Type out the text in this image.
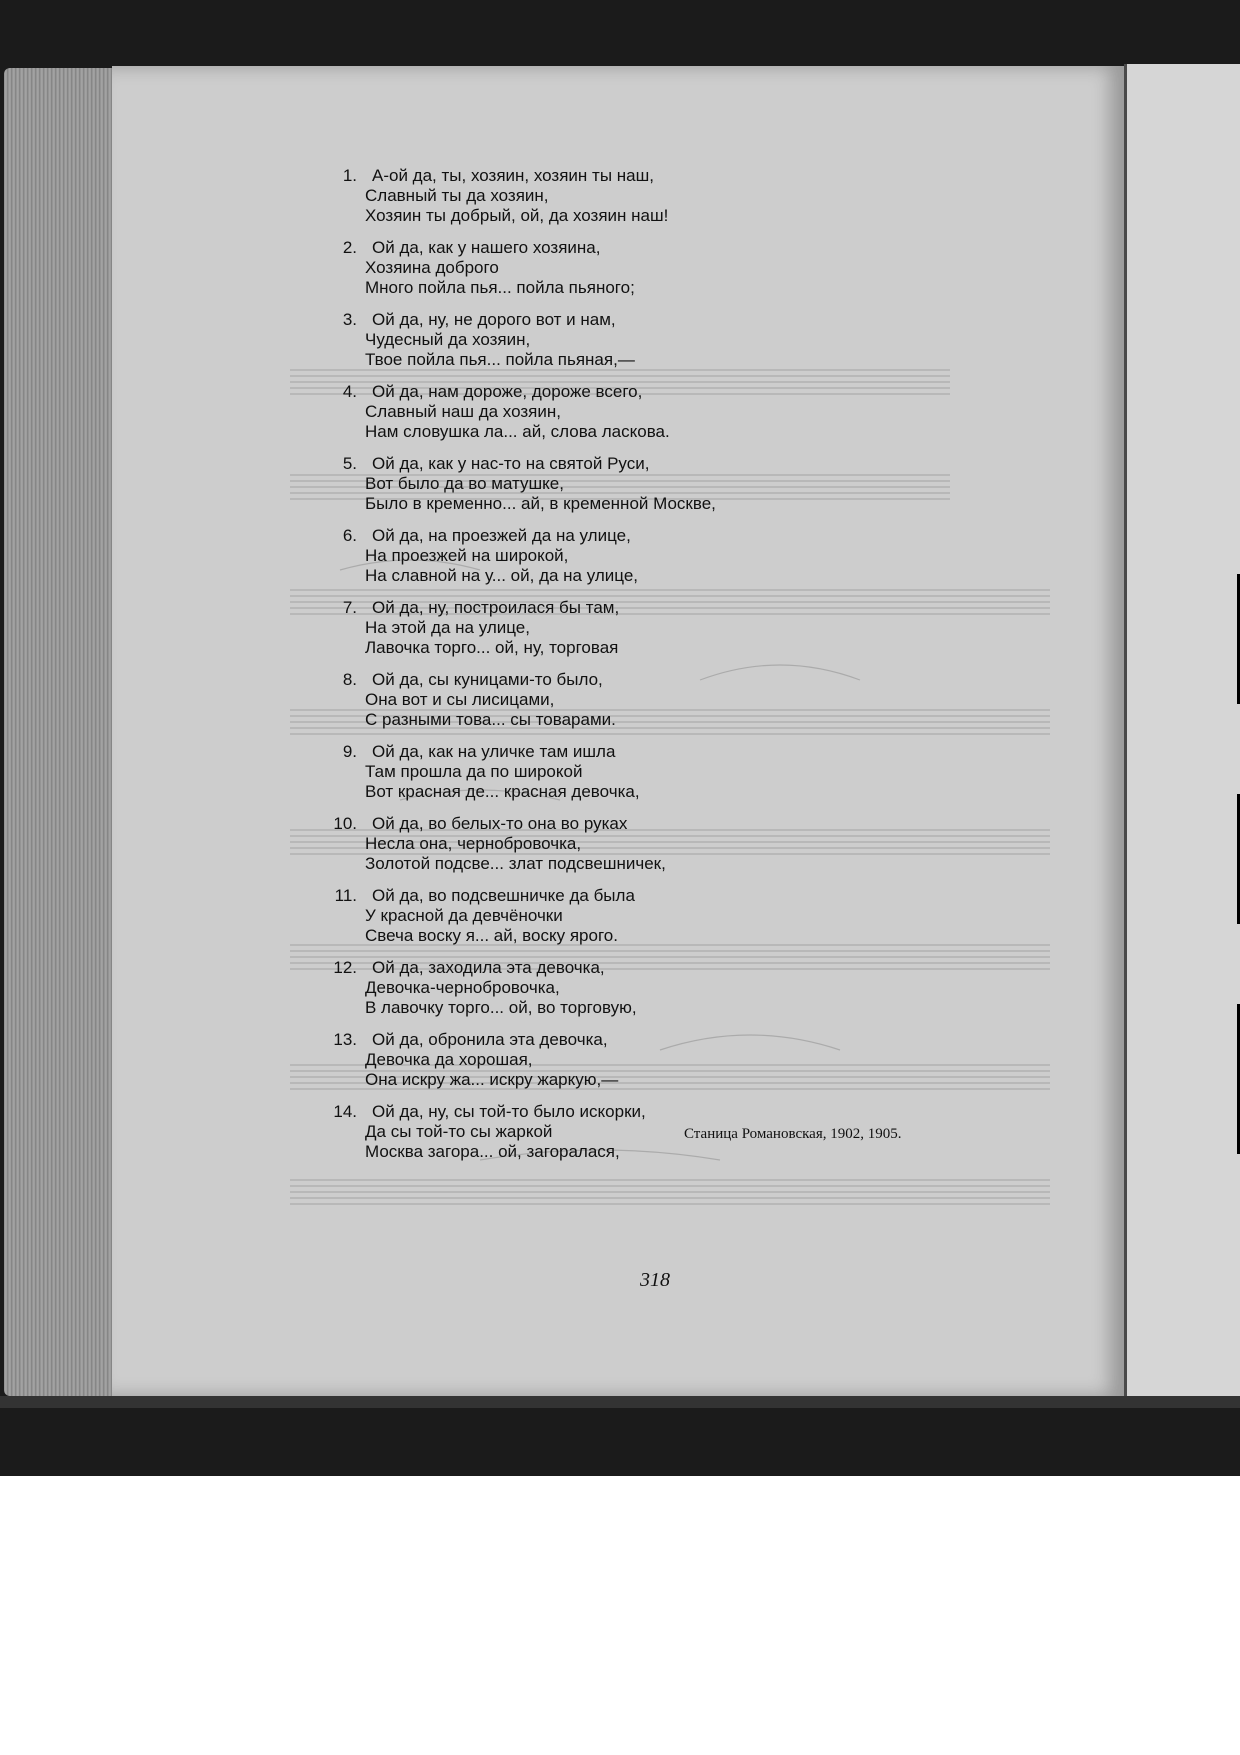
1. А-ой да, ты, хозяин, хозяин ты наш,
Славный ты да хозяин,
Хозяин ты добрый, ой, да хозяин наш!
2. Ой да, как у нашего хозяина,
Хозяина доброго
Много пойла пья... пойла пьяного;
3. Ой да, ну, не дорого вот и нам,
Чудесный да хозяин,
Твое пойла пья... пойла пьяная,—
4. Ой да, нам дороже, дороже всего,
Славный наш да хозяин,
Нам словушка ла... ай, слова ласкова.
5. Ой да, как у нас-то на святой Руси,
Вот было да во матушке,
Было в кременно... ай, в кременной Москве,
6. Ой да, на проезжей да на улице,
На проезжей на широкой,
На славной на у... ой, да на улице,
7. Ой да, ну, построилася бы там,
На этой да на улице,
Лавочка торго... ой, ну, торговая
8. Ой да, сы куницами-то было,
Она вот и сы лисицами,
С разными това... сы товарами.
9. Ой да, как на уличке там ишла
Там прошла да по широкой
Вот красная де... красная девочка,
10. Ой да, во белых-то она во руках
Несла она, чернобровочка,
Золотой подсве... злат подсвешничек,
11. Ой да, во подсвешничке да была
У красной да девчёночки
Свеча воску я... ай, воску ярого.
12. Ой да, заходила эта девочка,
Девочка-чернобровочка,
В лавочку торго... ой, во торговую,
13. Ой да, обронила эта девочка,
Девочка да хорошая,
Она искру жа... искру жаркую,—
14. Ой да, ну, сы той-то было искорки,
Да сы той-то сы жаркой
Москва загора... ой, загоралася,
Станица Романовская, 1902, 1905.
318
